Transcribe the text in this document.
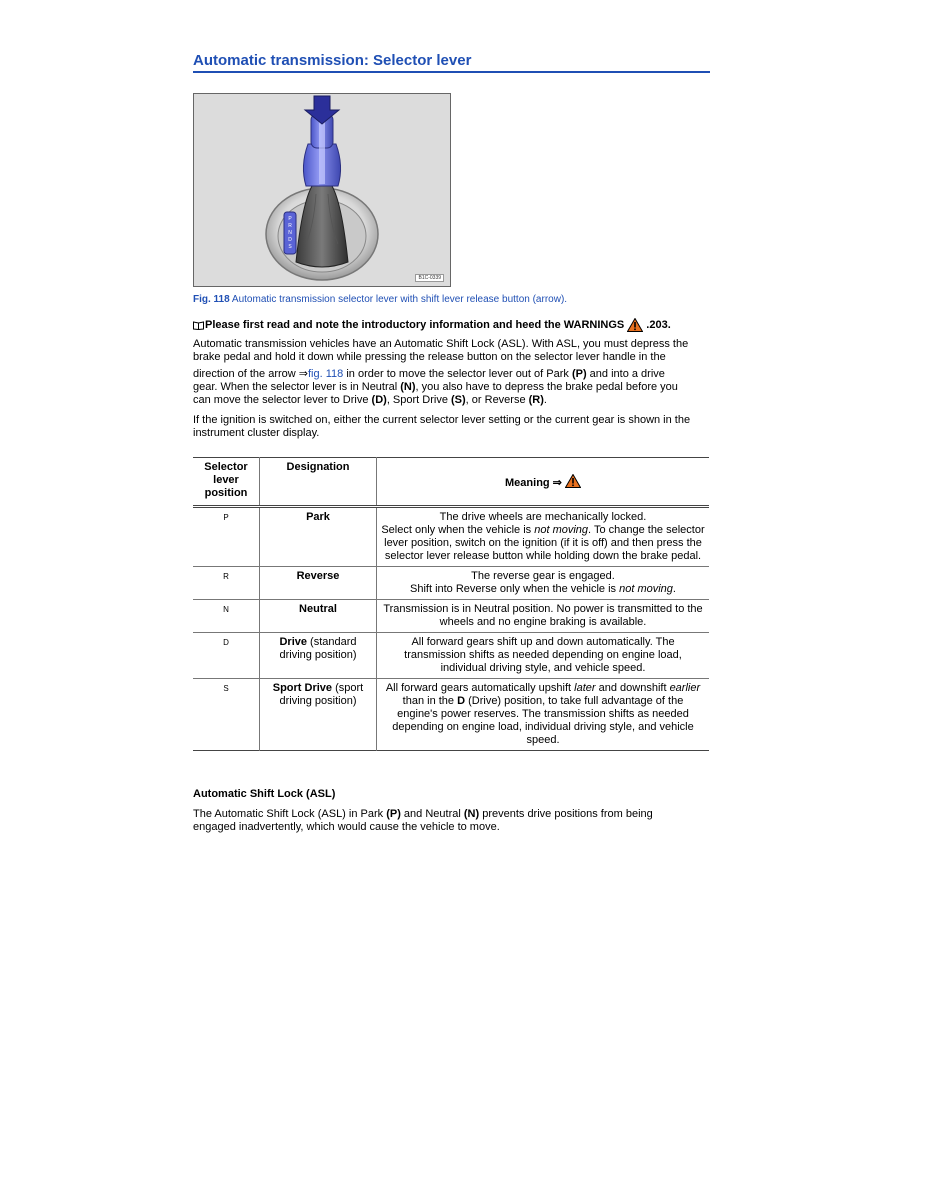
Automatic transmission: Selector lever
P
R
N
D
S
B1C-0339
Fig. 118 Automatic transmission selector lever with shift lever release button (arrow).
Please first read and note the introductory information and heed the WARNINGS .203.
Automatic transmission vehicles have an Automatic Shift Lock (ASL). With ASL, you must depress the
brake pedal and hold it down while pressing the release button on the selector lever handle in the
direction of the arrow ⇒fig. 118 in order to move the selector lever out of Park (P) and into a drive
gear. When the selector lever is in Neutral (N), you also have to depress the brake pedal before you
can move the selector lever to Drive (D), Sport Drive (S), or Reverse (R).
If the ignition is switched on, either the current selector lever setting or the current gear is shown in the
instrument cluster display.
Selector lever position	Designation	Meaning ⇒
P	Park	The drive wheels are mechanically locked.
Select only when the vehicle is not moving. To change the selector lever position, switch on the ignition (if it is off) and then press the selector lever release button while holding down the brake pedal.

R	Reverse	The reverse gear is engaged.
Shift into Reverse only when the vehicle is not moving.

N	Neutral	Transmission is in Neutral position. No power is transmitted to the wheels and no engine braking is available.
D	Drive (standard driving position)	All forward gears shift up and down automatically. The transmission shifts as needed depending on engine load, individual driving style, and vehicle speed.
S	Sport Drive (sport driving position)	All forward gears automatically upshift later and downshift earlier than in the D (Drive) position, to take full advantage of the engine's power reserves. The transmission shifts as needed depending on engine load, individual driving style, and vehicle speed.
Automatic Shift Lock (ASL)
The Automatic Shift Lock (ASL) in Park (P) and Neutral (N) prevents drive positions from being
engaged inadvertently, which would cause the vehicle to move.
